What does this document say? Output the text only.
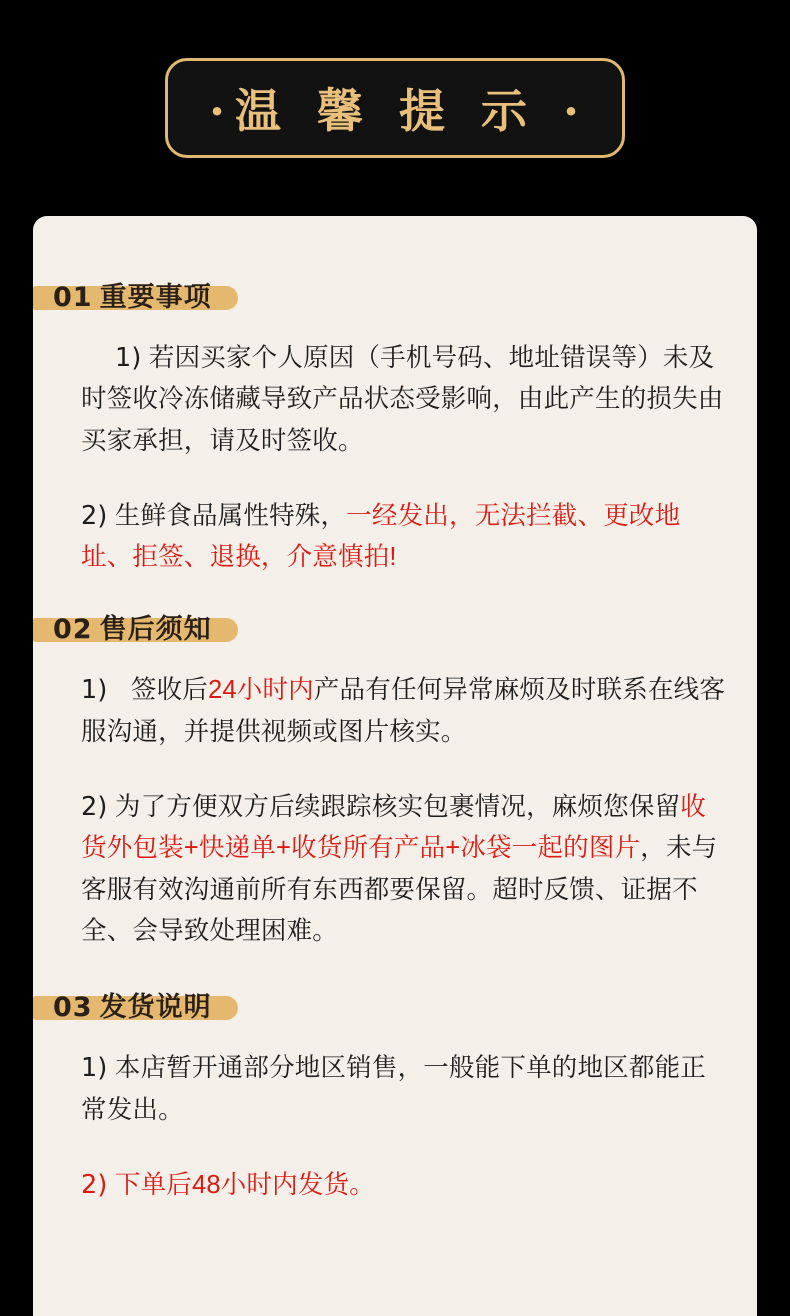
·温 馨 提 示 ·
01 重要事项

1) 若因买家个人原因（手机号码、地址错误等）未及时签收冷冻储藏导致产品状态受影响，由此产生的损失由买家承担，请及时签收。

2) 生鲜食品属性特殊，一经发出，无法拦截、更改地址、拒签、退换，介意慎拍!

02 售后须知

1) 签收后24小时内产品有任何异常麻烦及时联系在线客服沟通，并提供视频或图片核实。

2) 为了方便双方后续跟踪核实包裹情况，麻烦您保留收货外包装+快递单+收货所有产品+冰袋一起的图片，未与客服有效沟通前所有东西都要保留。超时反馈、证据不全、会导致处理困难。

03 发货说明

1) 本店暂开通部分地区销售，一般能下单的地区都能正常发出。

2) 下单后48小时内发货。
